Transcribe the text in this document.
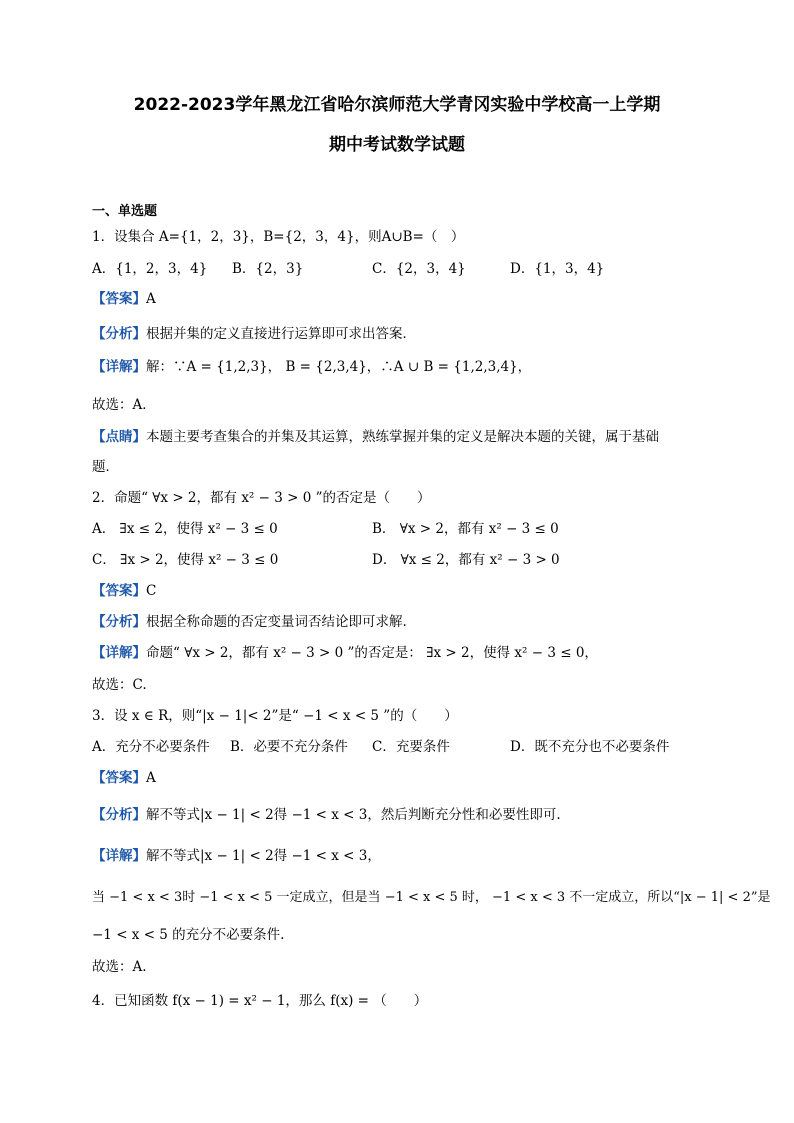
2022-2023学年黑龙江省哈尔滨师范大学青冈实验中学校高一上学期
期中考试数学试题
一、单选题
1．设集合 A={1，2，3}，B={2，3，4}，则A∪B=（　）
A．{1，2，3，4} B．{2，3}	C．{2，3，4}	D．{1，3，4}
【答案】A
【分析】根据并集的定义直接进行运算即可求出答案．
【详解】解：∵A = {1,2,3}， B = {2,3,4}，∴A ∪ B = {1,2,3,4}，
故选：A．
【点睛】本题主要考查集合的并集及其运算，熟练掌握并集的定义是解决本题的关键，属于基础
题．
2．命题“ ∀x > 2，都有 x² − 3 > 0 ”的否定是（　　）
A． ∃x ≤ 2，使得 x² − 3 ≤ 0	B． ∀x > 2，都有 x² − 3 ≤ 0
C． ∃x > 2，使得 x² − 3 ≤ 0	D． ∀x ≤ 2，都有 x² − 3 > 0
【答案】C
【分析】根据全称命题的否定变量词否结论即可求解.
【详解】命题“ ∀x > 2，都有 x² − 3 > 0 ”的否定是： ∃x > 2，使得 x² − 3 ≤ 0，
故选：C.
3．设 x ∈ R，则“|x − 1|< 2”是“ −1 < x < 5 ”的（　　）
A．充分不必要条件 B．必要不充分条件 C．充要条件	D．既不充分也不必要条件
【答案】A
【分析】解不等式|x − 1| < 2得 −1 < x < 3，然后判断充分性和必要性即可.
【详解】解不等式|x − 1| < 2得 −1 < x < 3，
当 −1 < x < 3时 −1 < x < 5 一定成立，但是当 −1 < x < 5 时， −1 < x < 3 不一定成立，所以“|x − 1| < 2”是
−1 < x < 5 的充分不必要条件.
故选：A.
4．已知函数 f(x − 1) = x² − 1，那么 f(x) = （　　）
